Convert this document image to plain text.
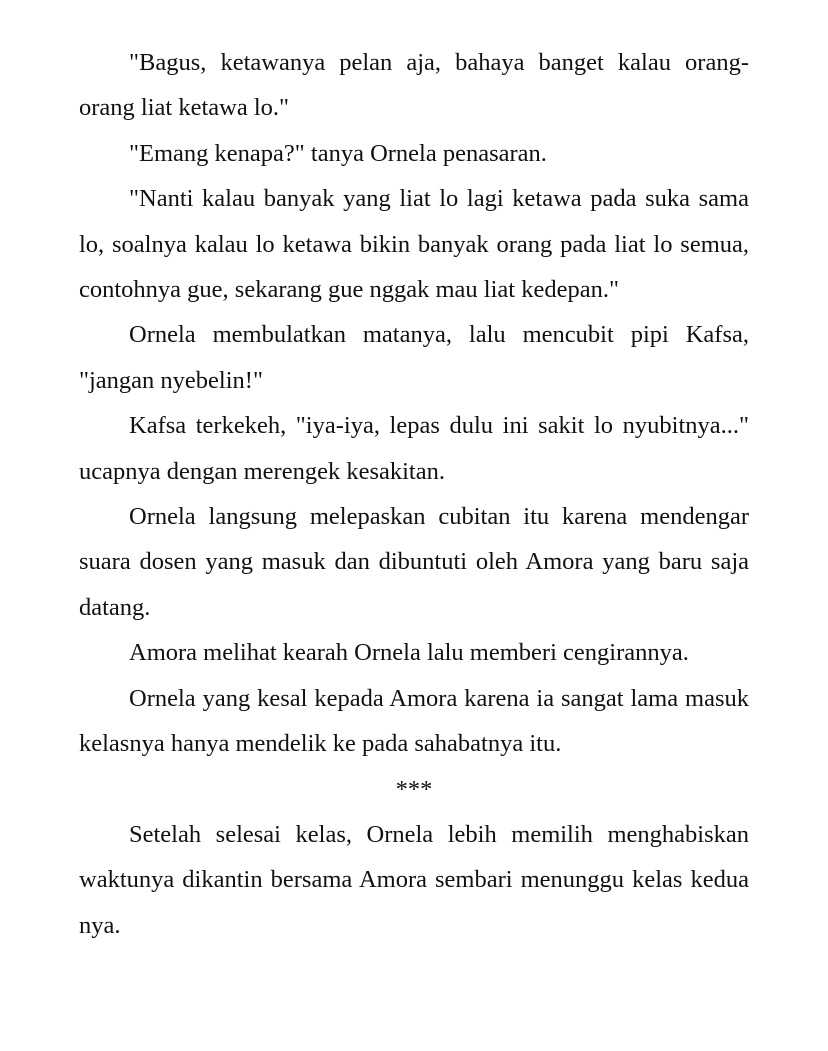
"Bagus, ketawanya pelan aja, bahaya banget kalau orang-orang liat ketawa lo."

"Emang kenapa?" tanya Ornela penasaran.

"Nanti kalau banyak yang liat lo lagi ketawa pada suka sama lo, soalnya kalau lo ketawa bikin banyak orang pada liat lo semua, contohnya gue, sekarang gue nggak mau liat kedepan."

Ornela membulatkan matanya, lalu mencubit pipi Kafsa, "jangan nyebelin!"

Kafsa terkekeh, "iya-iya, lepas dulu ini sakit lo nyubitnya..." ucapnya dengan merengek kesakitan.

Ornela langsung melepaskan cubitan itu karena mendengar suara dosen yang masuk dan dibuntuti oleh Amora yang baru saja datang.

Amora melihat kearah Ornela lalu memberi cengirannya.

Ornela yang kesal kepada Amora karena ia sangat lama masuk kelasnya hanya mendelik ke pada sahabatnya itu.

***

Setelah selesai kelas, Ornela lebih memilih menghabiskan waktunya dikantin bersama Amora sembari menunggu kelas kedua nya.
